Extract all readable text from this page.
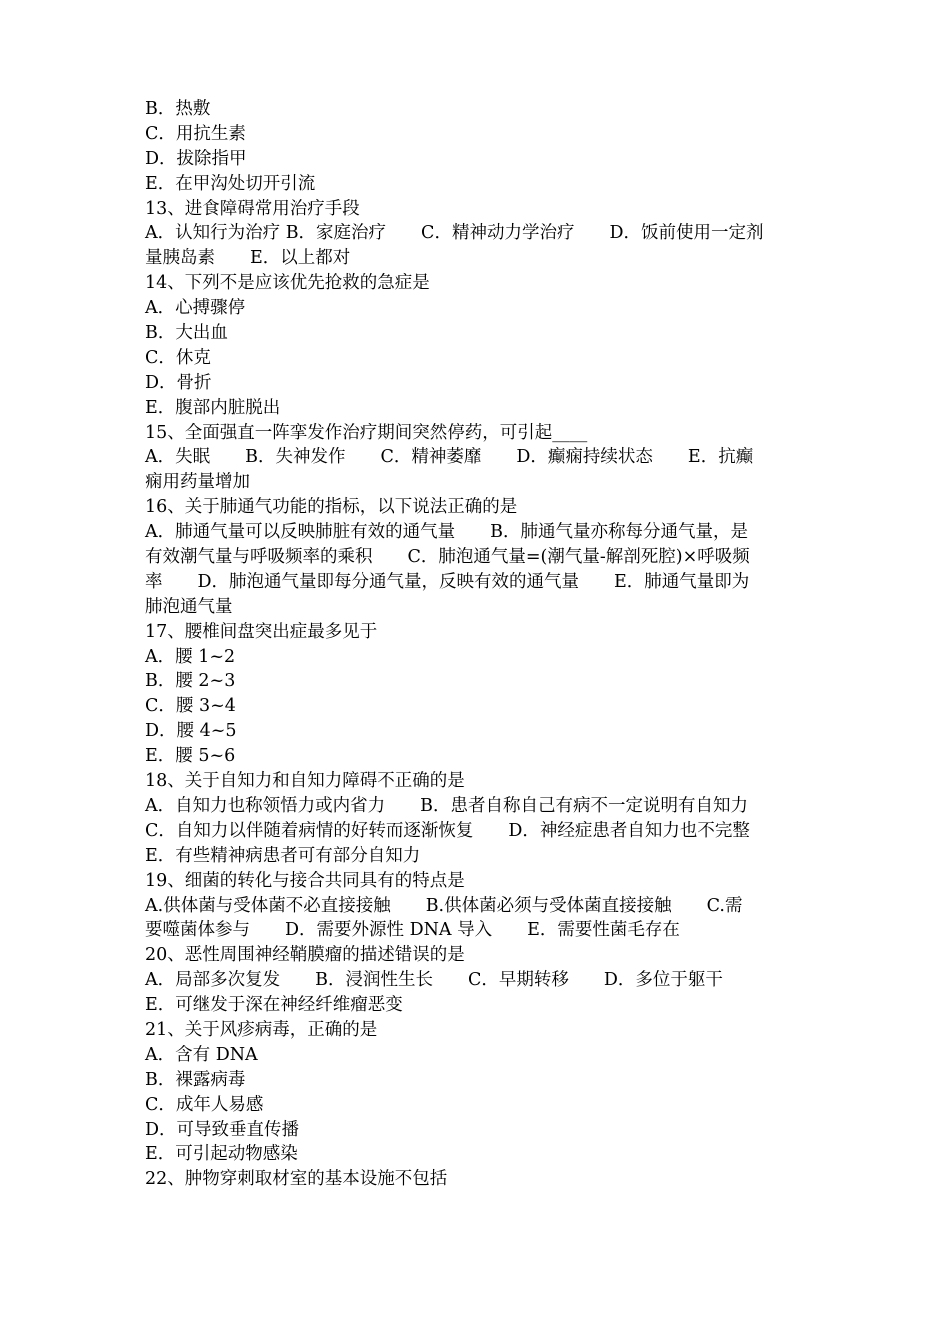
B．热敷
C．用抗生素
D．拔除指甲
E．在甲沟处切开引流
13、进食障碍常用治疗手段
A．认知行为治疗 B．家庭治疗　　C．精神动力学治疗　　D．饭前使用一定剂
量胰岛素　　E．以上都对
14、下列不是应该优先抢救的急症是
A．心搏骤停
B．大出血
C．休克
D．骨折
E．腹部内脏脱出
15、全面强直一阵挛发作治疗期间突然停药，可引起____
A．失眠　　B．失神发作　　C．精神萎靡　　D．癫痫持续状态　　E．抗癫
痫用药量增加
16、关于肺通气功能的指标，以下说法正确的是
A．肺通气量可以反映肺脏有效的通气量　　B．肺通气量亦称每分通气量，是
有效潮气量与呼吸频率的乘积　　C．肺泡通气量=(潮气量-解剖死腔)×呼吸频
率　　D．肺泡通气量即每分通气量，反映有效的通气量　　E．肺通气量即为
肺泡通气量
17、腰椎间盘突出症最多见于
A．腰 1~2
B．腰 2~3
C．腰 3~4
D．腰 4~5
E．腰 5~6
18、关于自知力和自知力障碍不正确的是
A．自知力也称领悟力或内省力　　B．患者自称自己有病不一定说明有自知力
C．自知力以伴随着病情的好转而逐渐恢复　　D．神经症患者自知力也不完整
E．有些精神病患者可有部分自知力
19、细菌的转化与接合共同具有的特点是
A.供体菌与受体菌不必直接接触　　B.供体菌必须与受体菌直接接触　　C.需
要噬菌体参与　　D．需要外源性 DNA 导入　　E．需要性菌毛存在
20、恶性周围神经鞘膜瘤的描述错误的是
A．局部多次复发　　B．浸润性生长　　C．早期转移　　D．多位于躯干
E．可继发于深在神经纤维瘤恶变
21、关于风疹病毒，正确的是
A．含有 DNA
B．裸露病毒
C．成年人易感
D．可导致垂直传播
E．可引起动物感染
22、肿物穿刺取材室的基本设施不包括
